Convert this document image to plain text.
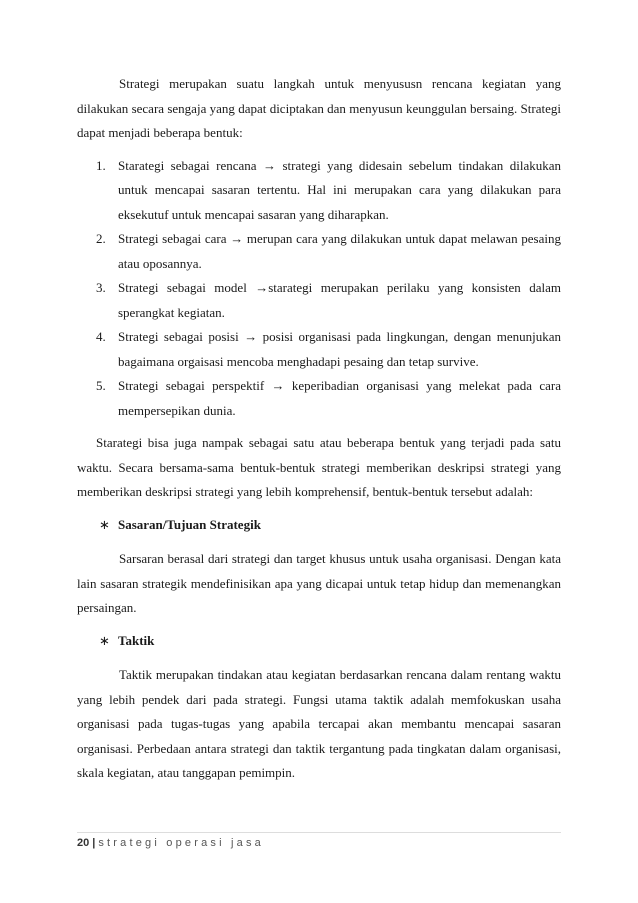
Strategi merupakan suatu langkah untuk menyususn rencana kegiatan yang dilakukan secara sengaja yang dapat diciptakan dan menyusun keunggulan bersaing. Strategi dapat menjadi beberapa bentuk:

1. Starategi sebagai rencana → strategi yang didesain sebelum tindakan dilakukan untuk mencapai sasaran tertentu. Hal ini merupakan cara yang dilakukan para eksekutuf untuk mencapai sasaran yang diharapkan.
2. Strategi sebagai cara → merupan cara yang dilakukan untuk dapat melawan pesaing atau oposannya.
3. Strategi sebagai model →starategi merupakan perilaku yang konsisten dalam sperangkat kegiatan.
4. Strategi sebagai posisi → posisi organisasi pada lingkungan, dengan menunjukan bagaimana orgaisasi mencoba menghadapi pesaing dan tetap survive.
5. Strategi sebagai perspektif → keperibadian organisasi yang melekat pada cara mempersepikan dunia.

Starategi bisa juga nampak sebagai satu atau beberapa bentuk yang terjadi pada satu waktu. Secara bersama-sama bentuk-bentuk strategi memberikan deskripsi strategi yang memberikan deskripsi strategi yang lebih komprehensif, bentuk-bentuk tersebut adalah:

∗ Sasaran/Tujuan Strategik

Sarsaran berasal dari strategi dan target khusus untuk usaha organisasi. Dengan kata lain sasaran strategik mendefinisikan apa yang dicapai untuk tetap hidup dan memenangkan persaingan.

∗ Taktik

Taktik merupakan tindakan atau kegiatan berdasarkan rencana dalam rentang waktu yang lebih pendek dari pada strategi. Fungsi utama taktik adalah memfokuskan usaha organisasi pada tugas-tugas yang apabila tercapai akan membantu mencapai sasaran organisasi. Perbedaan antara strategi dan taktik tergantung pada tingkatan dalam organisasi, skala kegiatan, atau tanggapan pemimpin.

20 | strategi operasi jasa
